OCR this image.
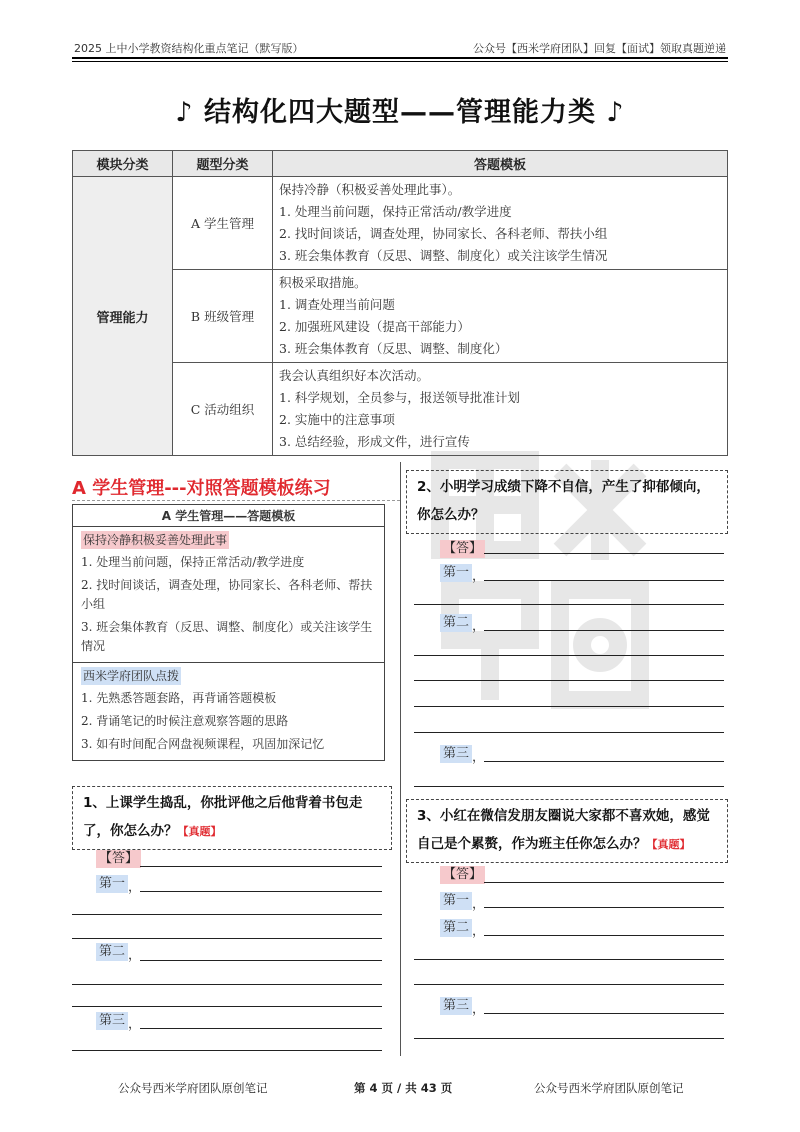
2025 上中小学教资结构化重点笔记（默写版）	公众号【西米学府团队】回复【面试】领取真题逆递
♪ 结构化四大题型——管理能力类 ♪
模块分类	题型分类	答题模板
管理能力	A 学生管理	保持冷静（积极妥善处理此事）。
1. 处理当前问题，保持正常活动/教学进度
2. 找时间谈话，调查处理，协同家长、各科老师、帮扶小组
3. 班会集体教育（反思、调整、制度化）或关注该学生情况

	B 班级管理	积极采取措施。
1. 调查处理当前问题
2. 加强班风建设（提高干部能力）
3. 班会集体教育（反思、调整、制度化）

	C 活动组织	我会认真组织好本次活动。
1. 科学规划，全员参与，报送领导批准计划
2. 实施中的注意事项
3. 总结经验，形成文件，进行宣传
A 学生管理---对照答题模板练习
A 学生管理——答题模板
保持冷静积极妥善处理此事
1. 处理当前问题，保持正常活动/教学进度
2. 找时间谈话，调查处理，协同家长、各科老师、帮扶小组
3. 班会集体教育（反思、调整、制度化）或关注该学生情况
西米学府团队点拨
1. 先熟悉答题套路，再背诵答题模板
2. 背诵笔记的时候注意观察答题的思路
3. 如有时间配合网盘视频课程，巩固加深记忆
1、上课学生捣乱，你批评他之后他背着书包走了，你怎么办？【真题】
【答】
第一 ，
第二 ，
第三 ，
2、小明学习成绩下降不自信，产生了抑郁倾向，你怎么办？
【答】
第一 ，
第二 ，
第三 ，
3、小红在微信发朋友圈说大家都不喜欢她，感觉自己是个累赘，作为班主任你怎么办？【真题】
【答】
第一 ，
第二 ，
第三 ，
公众号西米学府团队原创笔记	第 4 页 / 共 43 页	公众号西米学府团队原创笔记
